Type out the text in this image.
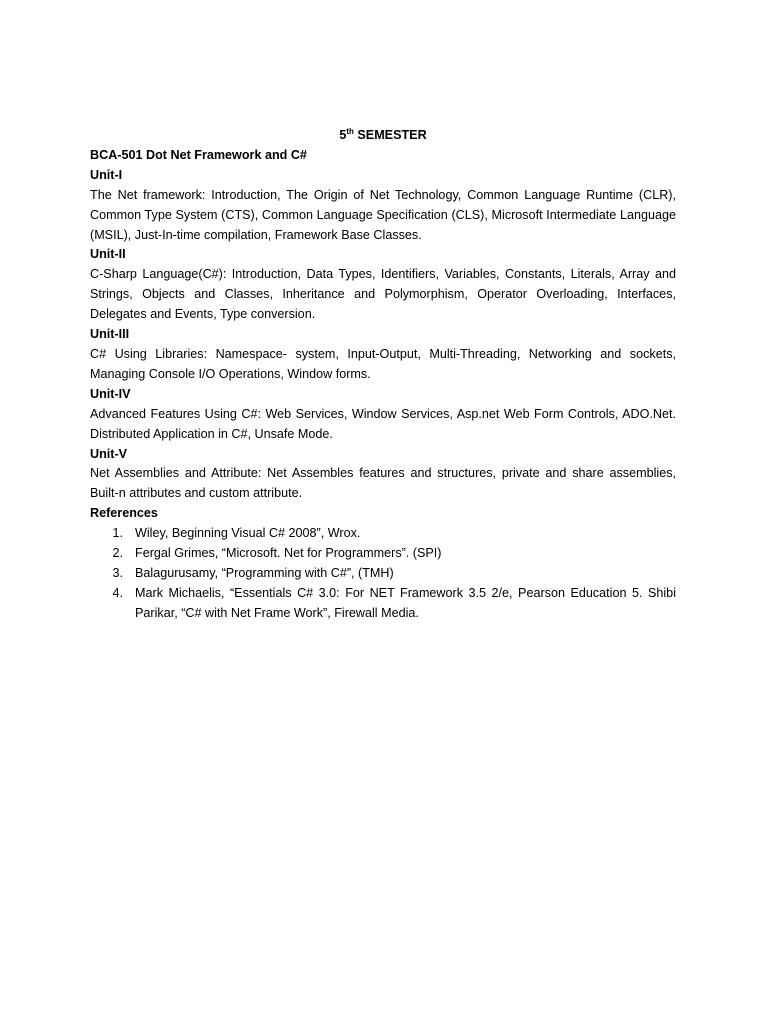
5th SEMESTER

BCA-501 Dot Net Framework and C#

Unit-I

The Net framework: Introduction, The Origin of Net Technology, Common Language Runtime (CLR), Common Type System (CTS), Common Language Specification (CLS), Microsoft Intermediate Language (MSIL), Just-In-time compilation, Framework Base Classes.

Unit-II

C-Sharp Language(C#): Introduction, Data Types, Identifiers, Variables, Constants, Literals, Array and Strings, Objects and Classes, Inheritance and Polymorphism, Operator Overloading, Interfaces, Delegates and Events, Type conversion.

Unit-III

C# Using Libraries: Namespace- system, Input-Output, Multi-Threading, Networking and sockets, Managing Console I/O Operations, Window forms.

Unit-IV

Advanced Features Using C#: Web Services, Window Services, Asp.net Web Form Controls, ADO.Net. Distributed Application in C#, Unsafe Mode.

Unit-V

Net Assemblies and Attribute: Net Assembles features and structures, private and share assemblies, Built-n attributes and custom attribute.

References

1. Wiley, Beginning Visual C# 2008”, Wrox.
2. Fergal Grimes, “Microsoft. Net for Programmers”. (SPI)
3. Balagurusamy, “Programming with C#”, (TMH)
4. Mark Michaelis, “Essentials C# 3.0: For NET Framework 3.5 2/e, Pearson Education 5. Shibi Parikar, “C# with Net Frame Work”, Firewall Media.
